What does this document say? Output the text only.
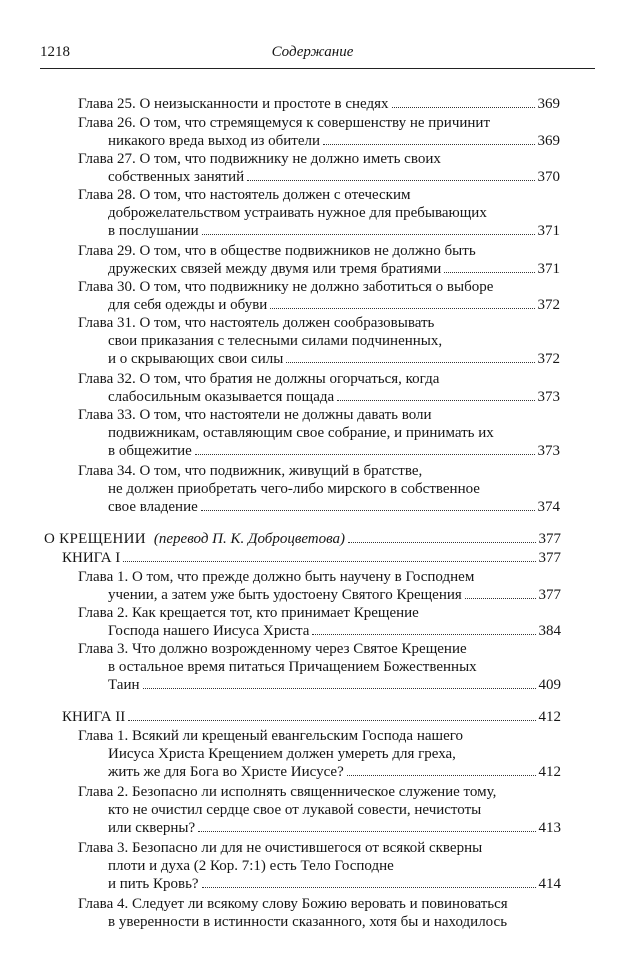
1218	Содержание
Глава 25. О неизысканности и простоте в снедях	369
Глава 26. О том, что стремящемуся к совершенству не причинит
никакого вреда выход из обители	369
Глава 27. О том, что подвижнику не должно иметь своих
собственных занятий	370
Глава 28. О том, что настоятель должен с отеческим
доброжелательством устраивать нужное для пребывающих
в послушании	371
Глава 29. О том, что в обществе подвижников не должно быть
дружеских связей между двумя или тремя братиями	371
Глава 30. О том, что подвижнику не должно заботиться о выборе
для себя одежды и обуви	372
Глава 31. О том, что настоятель должен сообразовывать
свои приказания с телесными силами подчиненных,
и о скрывающих свои силы	372
Глава 32. О том, что братия не должны огорчаться, когда
слабосильным оказывается пощада	373
Глава 33. О том, что настоятели не должны давать воли
подвижникам, оставляющим свое собрание, и принимать их
в общежитие	373
Глава 34. О том, что подвижник, живущий в братстве,
не должен приобретать чего-либо мирского в собственное
свое владение	374
О КРЕЩЕНИИ (перевод П. К. Доброцветова)	377
КНИГА I	377
Глава 1. О том, что прежде должно быть научену в Господнем
учении, а затем уже быть удостоену Святого Крещения	377
Глава 2. Как крещается тот, кто принимает Крещение
Господа нашего Иисуса Христа	384
Глава 3. Что должно возрожденному через Святое Крещение
в остальное время питаться Причащением Божественных
Таин	409
КНИГА II	412
Глава 1. Всякий ли крещеный евангельским Господа нашего
Иисуса Христа Крещением должен умереть для греха,
жить же для Бога во Христе Иисусе?	412
Глава 2. Безопасно ли исполнять священническое служение тому,
кто не очистил сердце свое от лукавой совести, нечистоты
или скверны?	413
Глава 3. Безопасно ли для не очистившегося от всякой скверны
плоти и духа (2 Кор. 7:1) есть Тело Господне
и пить Кровь?	414
Глава 4. Следует ли всякому слову Божию веровать и повиноваться
в уверенности в истинности сказанного, хотя бы и находилось
